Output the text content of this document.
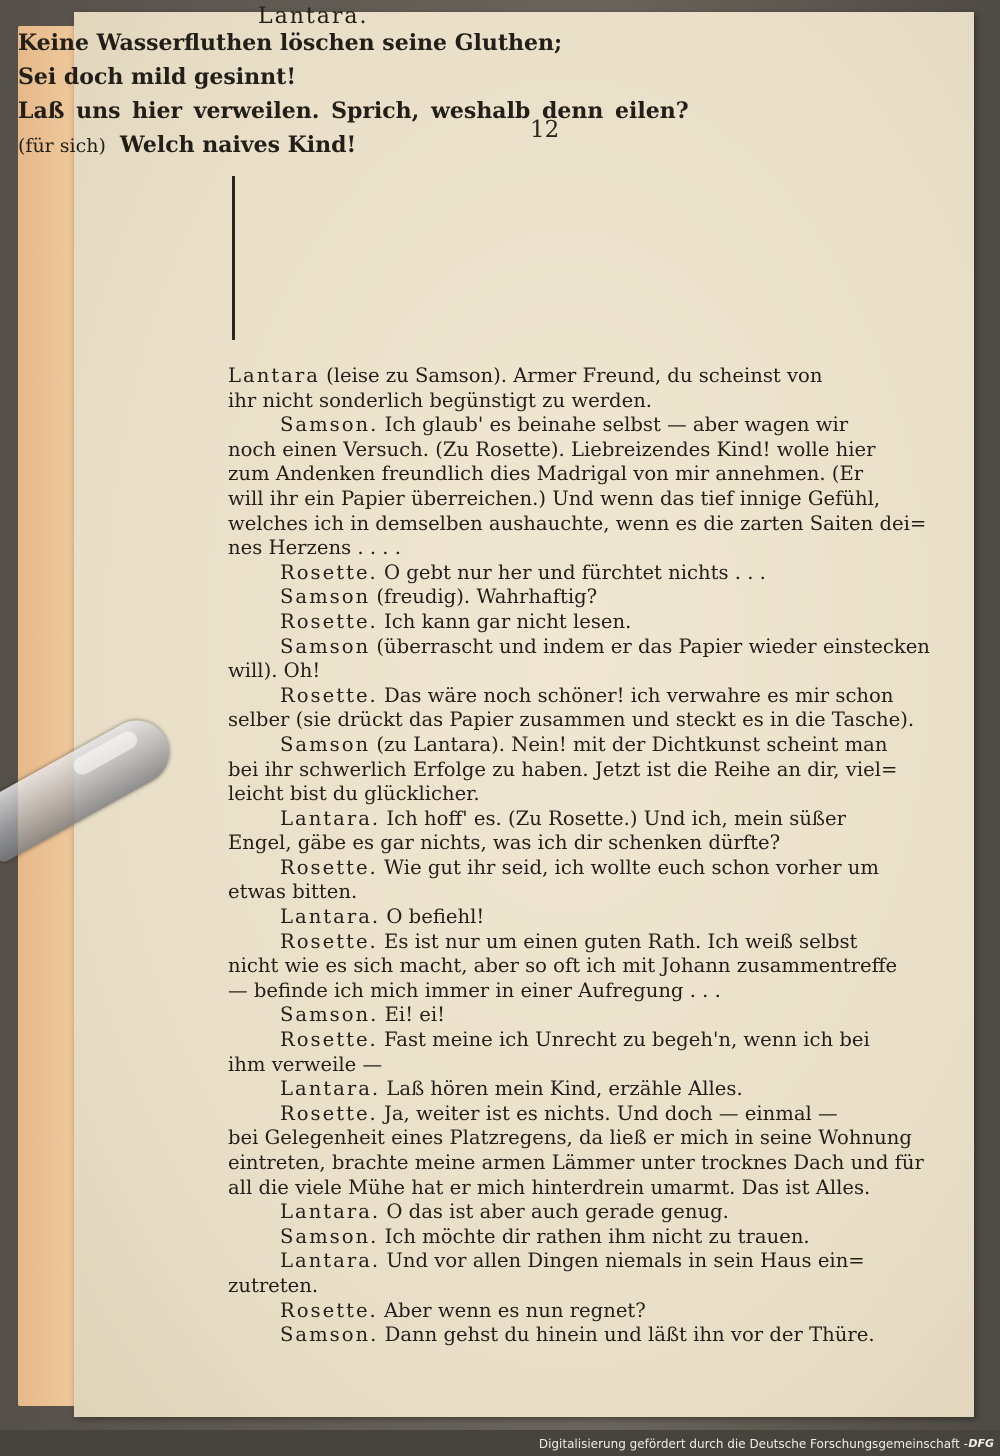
12
Lantara.
Keine Wasserfluthen löschen seine Gluthen;
Sei doch mild gesinnt!
Laß uns hier verweilen. Sprich, weshalb denn eilen?
(für sich) Welch naives Kind!
Lantara (leise zu Samson). Armer Freund, du scheinst von
ihr nicht sonderlich begünstigt zu werden.
Samson. Ich glaub' es beinahe selbst — aber wagen wir
noch einen Versuch. (Zu Rosette). Liebreizendes Kind! wolle hier
zum Andenken freundlich dies Madrigal von mir annehmen. (Er
will ihr ein Papier überreichen.) Und wenn das tief innige Gefühl,
welches ich in demselben aushauchte, wenn es die zarten Saiten dei=
nes Herzens . . . .
Rosette. O gebt nur her und fürchtet nichts . . .
Samson (freudig). Wahrhaftig?
Rosette. Ich kann gar nicht lesen.
Samson (überrascht und indem er das Papier wieder einstecken
will). Oh!
Rosette. Das wäre noch schöner! ich verwahre es mir schon
selber (sie drückt das Papier zusammen und steckt es in die Tasche).
Samson (zu Lantara). Nein! mit der Dichtkunst scheint man
bei ihr schwerlich Erfolge zu haben. Jetzt ist die Reihe an dir, viel=
leicht bist du glücklicher.
Lantara. Ich hoff' es. (Zu Rosette.) Und ich, mein süßer
Engel, gäbe es gar nichts, was ich dir schenken dürfte?
Rosette. Wie gut ihr seid, ich wollte euch schon vorher um
etwas bitten.
Lantara. O befiehl!
Rosette. Es ist nur um einen guten Rath. Ich weiß selbst
nicht wie es sich macht, aber so oft ich mit Johann zusammentreffe
— befinde ich mich immer in einer Aufregung . . .
Samson. Ei! ei!
Rosette. Fast meine ich Unrecht zu begeh'n, wenn ich bei
ihm verweile —
Lantara. Laß hören mein Kind, erzähle Alles.
Rosette. Ja, weiter ist es nichts. Und doch — einmal —
bei Gelegenheit eines Platzregens, da ließ er mich in seine Wohnung
eintreten, brachte meine armen Lämmer unter trocknes Dach und für
all die viele Mühe hat er mich hinterdrein umarmt. Das ist Alles.
Lantara. O das ist aber auch gerade genug.
Samson. Ich möchte dir rathen ihm nicht zu trauen.
Lantara. Und vor allen Dingen niemals in sein Haus ein=
zutreten.
Rosette. Aber wenn es nun regnet?
Samson. Dann gehst du hinein und läßt ihn vor der Thüre.
Digitalisierung gefördert durch die Deutsche Forschungsgemeinschaft - DFG
